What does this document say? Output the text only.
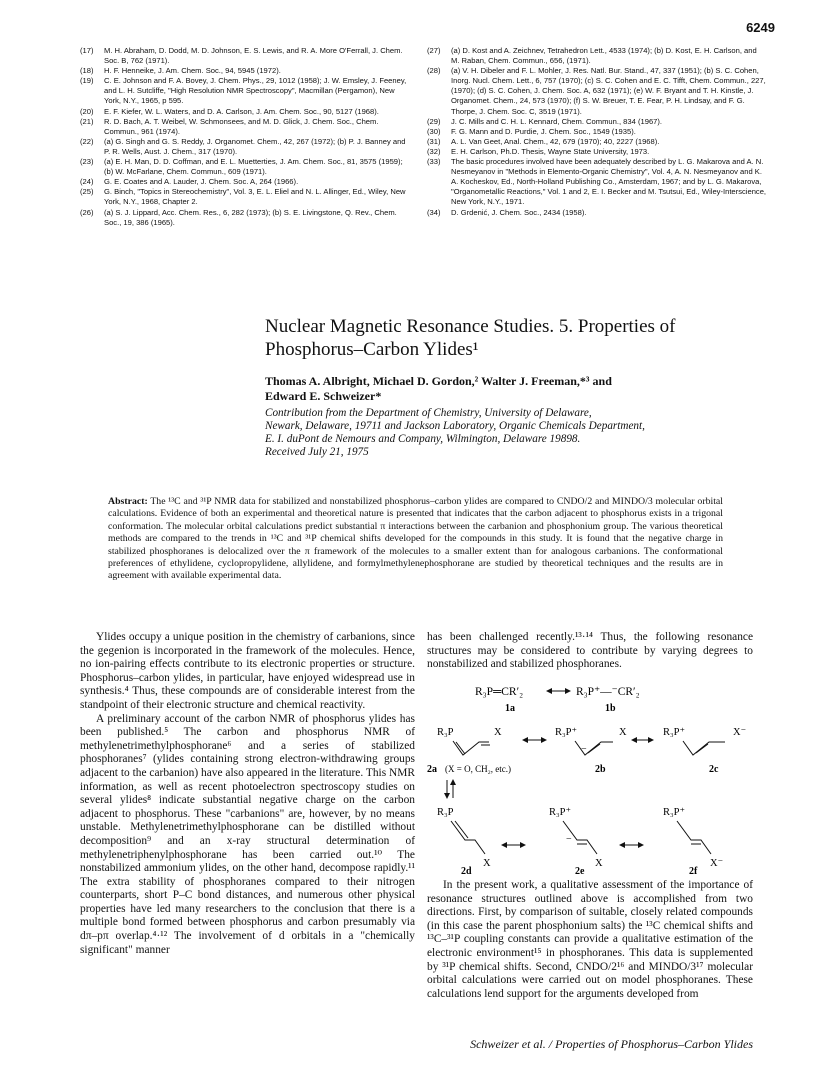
6249
(17) M. H. Abraham, D. Dodd, M. D. Johnson, E. S. Lewis, and R. A. More O'Ferrall, J. Chem. Soc. B, 762 (1971).
(18) H. F. Henneike, J. Am. Chem. Soc., 94, 5945 (1972).
(19) C. E. Johnson and F. A. Bovey, J. Chem. Phys., 29, 1012 (1958); J. W. Emsley, J. Feeney, and L. H. Sutcliffe, "High Resolution NMR Spectroscopy", Macmillan (Pergamon), New York, N.Y., 1965, p 595.
(20) E. F. Kiefer, W. L. Waters, and D. A. Carlson, J. Am. Chem. Soc., 90, 5127 (1968).
(21) R. D. Bach, A. T. Weibel, W. Schmonsees, and M. D. Glick, J. Chem. Soc., Chem. Commun., 961 (1974).
(22) (a) G. Singh and G. S. Reddy, J. Organomet. Chem., 42, 267 (1972); (b) P. J. Banney and P. R. Wells, Aust. J. Chem., 317 (1970).
(23) (a) E. H. Man, D. D. Coffman, and E. L. Muetterties, J. Am. Chem. Soc., 81, 3575 (1959); (b) W. McFarlane, Chem. Commun., 609 (1971).
(24) G. E. Coates and A. Lauder, J. Chem. Soc. A, 264 (1966).
(25) G. Binch, "Topics in Stereochemistry", Vol. 3, E. L. Eliel and N. L. Allinger, Ed., Wiley, New York, N.Y., 1968, Chapter 2.
(26) (a) S. J. Lippard, Acc. Chem. Res., 6, 282 (1973); (b) S. E. Livingstone, Q. Rev., Chem. Soc., 19, 386 (1965).
(27) (a) D. Kost and A. Zeichnev, Tetrahedron Lett., 4533 (1974); (b) D. Kost, E. H. Carlson, and M. Raban, Chem. Commun., 656, (1971).
(28) (a) V. H. Dibeler and F. L. Mohler, J. Res. Natl. Bur. Stand., 47, 337 (1951); (b) S. C. Cohen, Inorg. Nucl. Chem. Lett., 6, 757 (1970); (c) S. C. Cohen and E. C. Tifft, Chem. Commun., 227, (1970); (d) S. C. Cohen, J. Chem. Soc. A, 632 (1971); (e) W. F. Bryant and T. H. Kinstle, J. Organomet. Chem., 24, 573 (1970); (f) S. W. Breuer, T. E. Fear, P. H. Lindsay, and F. G. Thorpe, J. Chem. Soc. C, 3519 (1971).
(29) J. C. Mills and C. H. L. Kennard, Chem. Commun., 834 (1967).
(30) F. G. Mann and D. Purdie, J. Chem. Soc., 1549 (1935).
(31) A. L. Van Geet, Anal. Chem., 42, 679 (1970); 40, 2227 (1968).
(32) E. H. Carlson, Ph.D. Thesis, Wayne State University, 1973.
(33) The basic procedures involved have been adequately described by L. G. Makarova and A. N. Nesmeyanov in "Methods in Elemento-Organic Chemistry", Vol. 4, A. N. Nesmeyanov and K. A. Kocheskov, Ed., North-Holland Publishing Co., Amsterdam, 1967; and by L. G. Makarova, "Organometallic Reactions," Vol. 1 and 2, E. I. Becker and M. Tsutsui, Ed., Wiley-Interscience, New York, N.Y., 1971.
(34) D. Grdenić, J. Chem. Soc., 2434 (1958).
Nuclear Magnetic Resonance Studies. 5. Properties of
Phosphorus–Carbon Ylides¹
Thomas A. Albright, Michael D. Gordon,² Walter J. Freeman,*³ and
Edward E. Schweizer*
Contribution from the Department of Chemistry, University of Delaware,
Newark, Delaware, 19711 and Jackson Laboratory, Organic Chemicals Department,
E. I. duPont de Nemours and Company, Wilmington, Delaware 19898.
Received July 21, 1975
Abstract: The ¹³C and ³¹P NMR data for stabilized and nonstabilized phosphorus–carbon ylides are compared to CNDO/2 and MINDO/3 molecular orbital calculations. Evidence of both an experimental and theoretical nature is presented that indicates that the carbon adjacent to phosphorus exists in a trigonal conformation. The molecular orbital calculations predict substantial π interactions between the carbanion and phosphonium group. The various theoretical methods are compared to the trends in ¹³C and ³¹P chemical shifts developed for the compounds in this study. It is found that the negative charge in stabilized phosphoranes is delocalized over the π framework of the molecules to a smaller extent than for analogous carbanions. The conformational preferences of ethylidene, cyclopropylidene, allylidene, and formylmethylenephosphorane are studied by theoretical techniques and the results are in agreement with available experimental data.

Ylides occupy a unique position in the chemistry of carbanions, since the gegenion is incorporated in the framework of the molecules. Hence, no ion-pairing effects contribute to its electronic properties or structure. Phosphorus–carbon ylides, in particular, have enjoyed widespread use in synthesis.⁴ Thus, these compounds are of considerable interest from the standpoint of their electronic structure and chemical reactivity.

A preliminary account of the carbon NMR of phosphorus ylides has been published.⁵ The carbon and phosphorus NMR of methylenetrimethylphosphorane⁶ and a series of stabilized phosphoranes⁷ (ylides containing strong electron-withdrawing groups adjacent to the carbanion) have also appeared in the literature. This NMR information, as well as recent photoelectron spectroscopy studies on several ylides⁸ indicate substantial negative charge on the carbon adjacent to phosphorus. These "carbanions" are, however, by no means unstable. Methylenetrimethylphosphorane can be distilled without decomposition⁹ and an x-ray structural determination of methylenetriphenylphosphorane has been carried out.¹⁰ The nonstabilized ammonium ylides, on the other hand, decompose rapidly.¹¹ The extra stability of phosphoranes compared to their nitrogen counterparts, short P–C bond distances, and numerous other physical properties have led many researchers to the conclusion that there is a multiple bond formed between phosphorus and carbon presumably via dπ–pπ overlap.⁴·¹² The involvement of d orbitals in a "chemically significant" manner

has been challenged recently.¹³·¹⁴ Thus, the following resonance structures may be considered to contribute by varying degrees to nonstabilized and stabilized phosphoranes.

R₃P═CR′₂	R₃P⁺—⁻CR′₂
1a	1b
R₃P	X
2a (X = O, CH₂, etc.)
R₃P⁺	X
−
2b
R₃P⁺	X⁻
2c
R₃P
X
2d
R₃P⁺
−
X
2e
R₃P⁺
X⁻
2f

In the present work, a qualitative assessment of the importance of resonance structures outlined above is accomplished from two directions. First, by comparison of suitable, closely related compounds (in this case the parent phosphonium salts) the ¹³C chemical shifts and ¹³C–³¹P coupling constants can provide a qualitative estimation of the electronic environment¹⁵ in phosphoranes. This data is supplemented by ³¹P chemical shifts. Second, CNDO/2¹⁶ and MINDO/3¹⁷ molecular orbital calculations were carried out on model phosphoranes. These calculations lend support for the arguments developed from

Schweizer et al. / Properties of Phosphorus–Carbon Ylides
